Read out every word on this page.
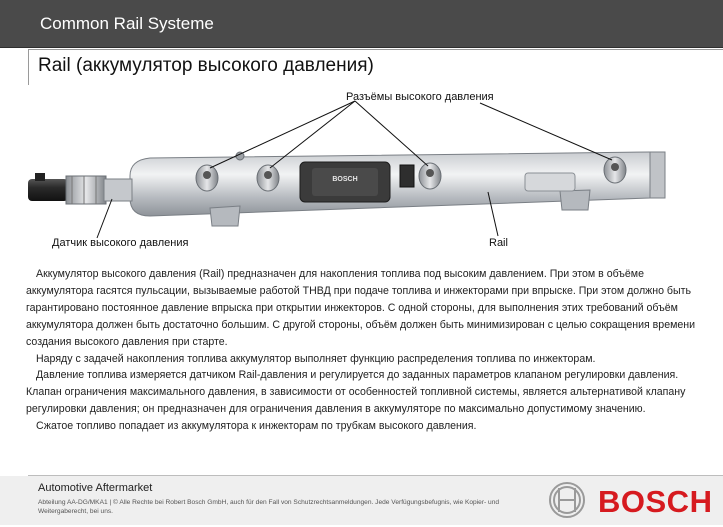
Common Rail Systeme
Rail (аккумулятор высокого давления)
BOSCH
Разъёмы высокого давления
Датчик высокого давления	Rail

Аккумулятор высокого давления (Rail) предназначен для накопления топлива под высоким давлением. При этом в объёме аккумулятора гасятся пульсации, вызываемые работой ТНВД при подаче топлива и инжекторами при впрыске. При этом должно быть гарантировано постоянное давление впрыска при открытии инжекторов. С одной стороны, для выполнения этих требований объём аккумулятора должен быть достаточно большим. С другой стороны, объём должен быть минимизирован с целью сокращения времени создания высокого давления при старте.

Наряду с задачей накопления топлива аккумулятор выполняет функцию распределения топлива по инжекторам.

Давление топлива измеряется датчиком Rail-давления и регулируется до заданных параметров клапаном регулировки давления. Клапан ограничения максимального давления, в зависимости от особенностей топливной системы, является альтернативой клапану регулировки давления; он предназначен для ограничения давления в аккумуляторе по максимально допустимому значению.

Сжатое топливо попадает из аккумулятора к инжекторам по трубкам высокого давления.

Automotive Aftermarket
Abteilung AA-DG/MKA1 | © Alle Rechte bei Robert Bosch GmbH, auch für den Fall von Schutzrechtsanmeldungen. Jede Verfügungsbefugnis, wie Kopier- und Weitergaberecht, bei uns.	BOSCH
